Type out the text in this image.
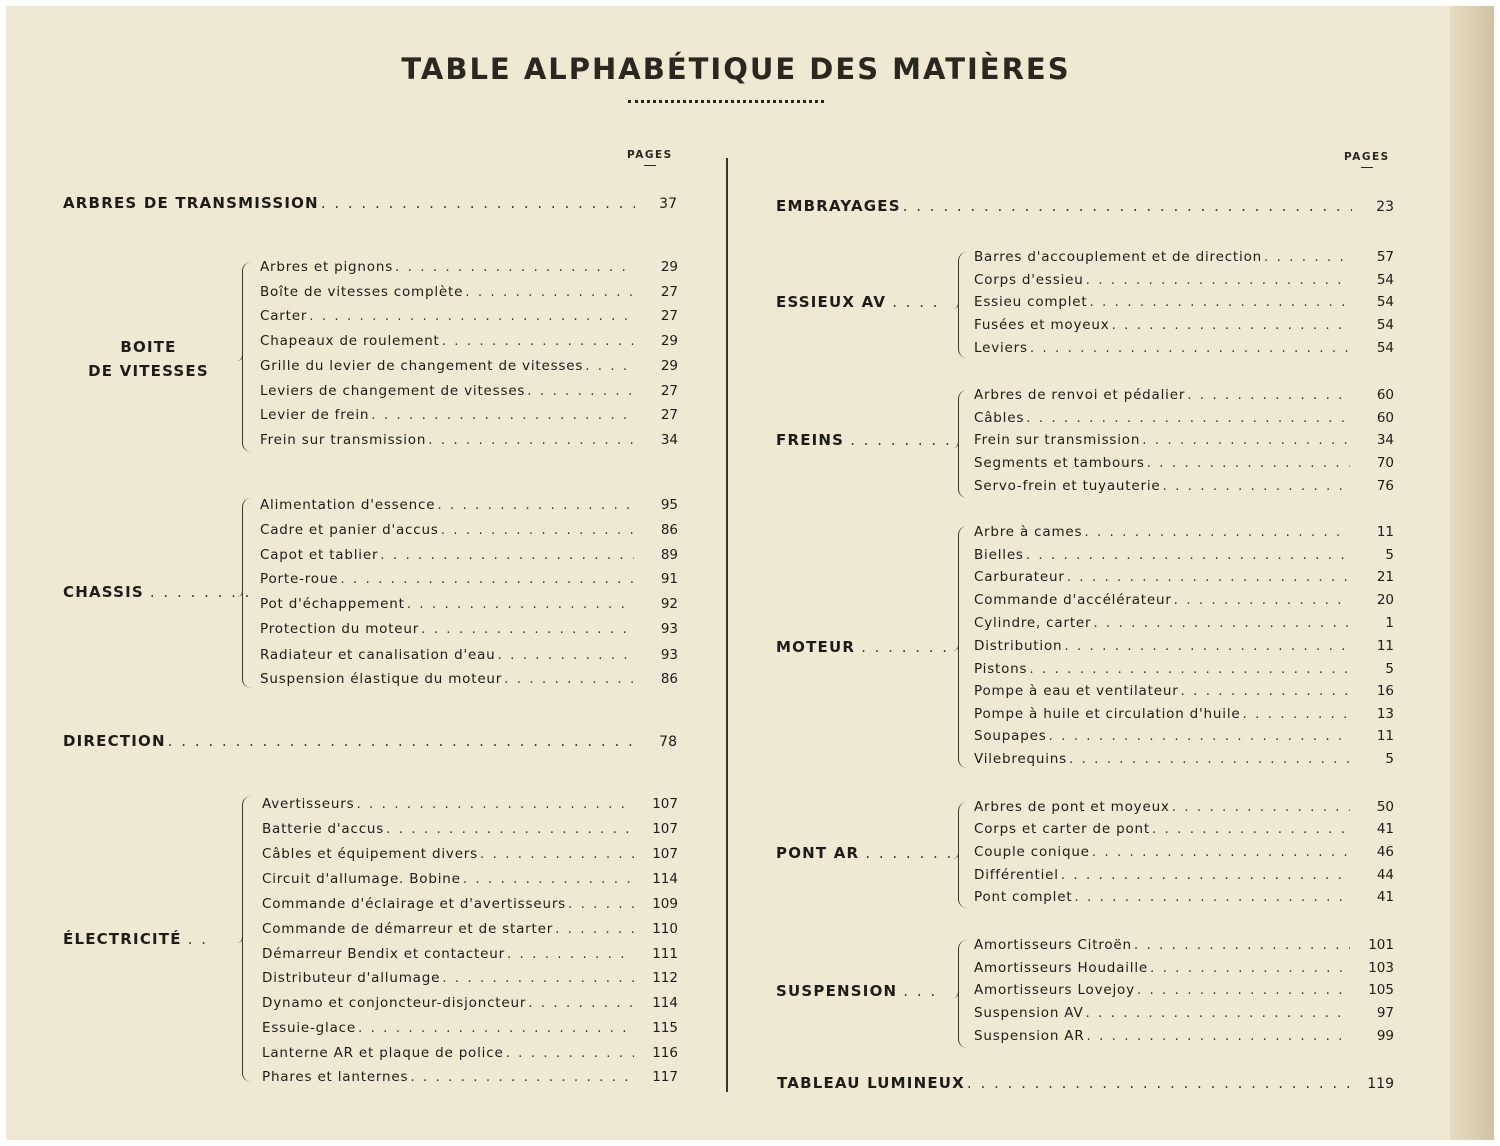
TABLE ALPHABÉTIQUE DES MATIÈRES
PAGES	PAGES
ARBRES DE TRANSMISSION . . .	37
BOITE
DE VITESSES
Arbres et pignons . . .	29
Boîte de vitesses complète . . .	27
Carter . . .	27
Chapeaux de roulement . . .	29
Grille du levier de changement de vitesses . . .	29
Leviers de changement de vitesses . . .	27
Levier de frein . . .	27
Frein sur transmission . . .	34
CHASSIS . . . . . . . .
Alimentation d'essence . . .	95
Cadre et panier d'accus . . .	86
Capot et tablier . . .	89
Porte-roue . . .	91
Pot d'échappement . . .	92
Protection du moteur . . .	93
Radiateur et canalisation d'eau . . .	93
Suspension élastique du moteur . . .	86
DIRECTION . . .	78
ÉLECTRICITÉ . .
Avertisseurs . . .	107
Batterie d'accus . . .	107
Câbles et équipement divers . . .	107
Circuit d'allumage. Bobine . . .	114
Commande d'éclairage et d'avertisseurs . . .	109
Commande de démarreur et de starter . . .	110
Démarreur Bendix et contacteur . . .	111
Distributeur d'allumage . . .	112
Dynamo et conjoncteur-disjoncteur . . .	114
Essuie-glace . . .	115
Lanterne AR et plaque de police . . .	116
Phares et lanternes . . .	117
EMBRAYAGES . . .	23
ESSIEUX AV . . . .
Barres d'accouplement et de direction . . .	57
Corps d'essieu . . .	54
Essieu complet . . .	54
Fusées et moyeux . . .	54
Leviers . . .	54
FREINS . . . . . . . .
Arbres de renvoi et pédalier . . .	60
Câbles . . .	60
Frein sur transmission . . .	34
Segments et tambours . . .	70
Servo-frein et tuyauterie . . .	76
MOTEUR . . . . . . .
Arbre à cames . . .	11
Bielles . . .	5
Carburateur . . .	21
Commande d'accélérateur . . .	20
Cylindre, carter . . .	1
Distribution . . .	11
Pistons . . .	5
Pompe à eau et ventilateur . . .	16
Pompe à huile et circulation d'huile . . .	13
Soupapes . . .	11
Vilebrequins . . .	5
PONT AR . . . . . . .
Arbres de pont et moyeux . . .	50
Corps et carter de pont . . .	41
Couple conique . . .	46
Différentiel . . .	44
Pont complet . . .	41
SUSPENSION . . .
Amortisseurs Citroën . . .	101
Amortisseurs Houdaille . . .	103
Amortisseurs Lovejoy . . .	105
Suspension AV . . .	97
Suspension AR . . .	99
TABLEAU LUMINEUX . . .	119
